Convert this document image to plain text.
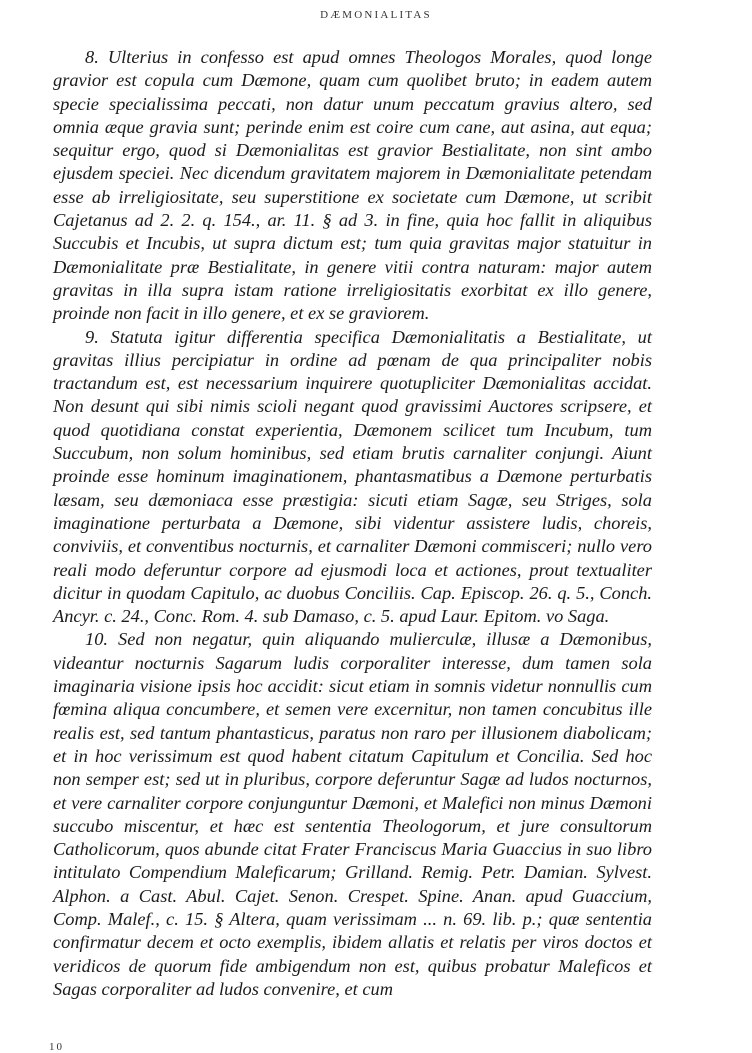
DÆMONIALITAS

8. Ulterius in confesso est apud omnes Theologos Morales, quod longe gravior est copula cum Dæmone, quam cum quolibet bruto; in eadem autem specie specialissima peccati, non datur unum peccatum gravius altero, sed omnia æque gravia sunt; perinde enim est coire cum cane, aut asina, aut equa; sequitur ergo, quod si Dæmonialitas est gravior Bestialitate, non sint ambo ejusdem speciei. Nec dicendum gravitatem majorem in Dæmonialitate petendam esse ab irreligiositate, seu superstitione ex societate cum Dæmone, ut scribit Cajetanus ad 2. 2. q. 154., ar. 11. § ad 3. in fine, quia hoc fallit in aliquibus Succubis et Incubis, ut supra dictum est; tum quia gravitas major statuitur in Dæmonialitate præ Bestialitate, in genere vitii contra naturam: major autem gravitas in illa supra istam ratione irreligiositatis exorbitat ex illo genere, proinde non facit in illo genere, et ex se graviorem.

9. Statuta igitur differentia specifica Dæmonialitatis a Bestialitate, ut gravitas illius percipiatur in ordine ad pœnam de qua principaliter nobis tractandum est, est necessarium inquirere quotupliciter Dæmonialitas accidat. Non desunt qui sibi nimis scioli negant quod gravissimi Auctores scripsere, et quod quotidiana constat experientia, Dæmonem scilicet tum Incubum, tum Succubum, non solum hominibus, sed etiam brutis carnaliter conjungi. Aiunt proinde esse hominum imaginationem, phantasmatibus a Dæmone perturbatis læsam, seu dæmoniaca esse præstigia: sicuti etiam Sagæ, seu Striges, sola imaginatione perturbata a Dæmone, sibi videntur assistere ludis, choreis, conviviis, et conventibus nocturnis, et carnaliter Dæmoni commisceri; nullo vero reali modo deferuntur corpore ad ejusmodi loca et actiones, prout textualiter dicitur in quodam Capitulo, ac duobus Conciliis. Cap. Episcop. 26. q. 5., Conch. Ancyr. c. 24., Conc. Rom. 4. sub Damaso, c. 5. apud Laur. Epitom. vo Saga.

10. Sed non negatur, quin aliquando mulierculæ, illusæ a Dæmonibus, videantur nocturnis Sagarum ludis corporaliter interesse, dum tamen sola imaginaria visione ipsis hoc accidit: sicut etiam in somnis videtur nonnullis cum fœmina aliqua concumbere, et semen vere excernitur, non tamen concubitus ille realis est, sed tantum phantasticus, paratus non raro per illusionem diabolicam; et in hoc verissimum est quod habent citatum Capitulum et Concilia. Sed hoc non semper est; sed ut in pluribus, corpore deferuntur Sagæ ad ludos nocturnos, et vere carnaliter corpore conjunguntur Dæmoni, et Malefici non minus Dæmoni succubo miscentur, et hæc est sententia Theologorum, et jure consultorum Catholicorum, quos abunde citat Frater Franciscus Maria Guaccius in suo libro intitulato Compendium Maleficarum; Grilland. Remig. Petr. Damian. Sylvest. Alphon. a Cast. Abul. Cajet. Senon. Crespet. Spine. Anan. apud Guaccium, Comp. Malef., c. 15. § Altera, quam verissimam ... n. 69. lib. p.; quæ sententia confirmatur decem et octo exemplis, ibidem allatis et relatis per viros doctos et veridicos de quorum fide ambigendum non est, quibus probatur Maleficos et Sagas corporaliter ad ludos convenire, et cum

10
